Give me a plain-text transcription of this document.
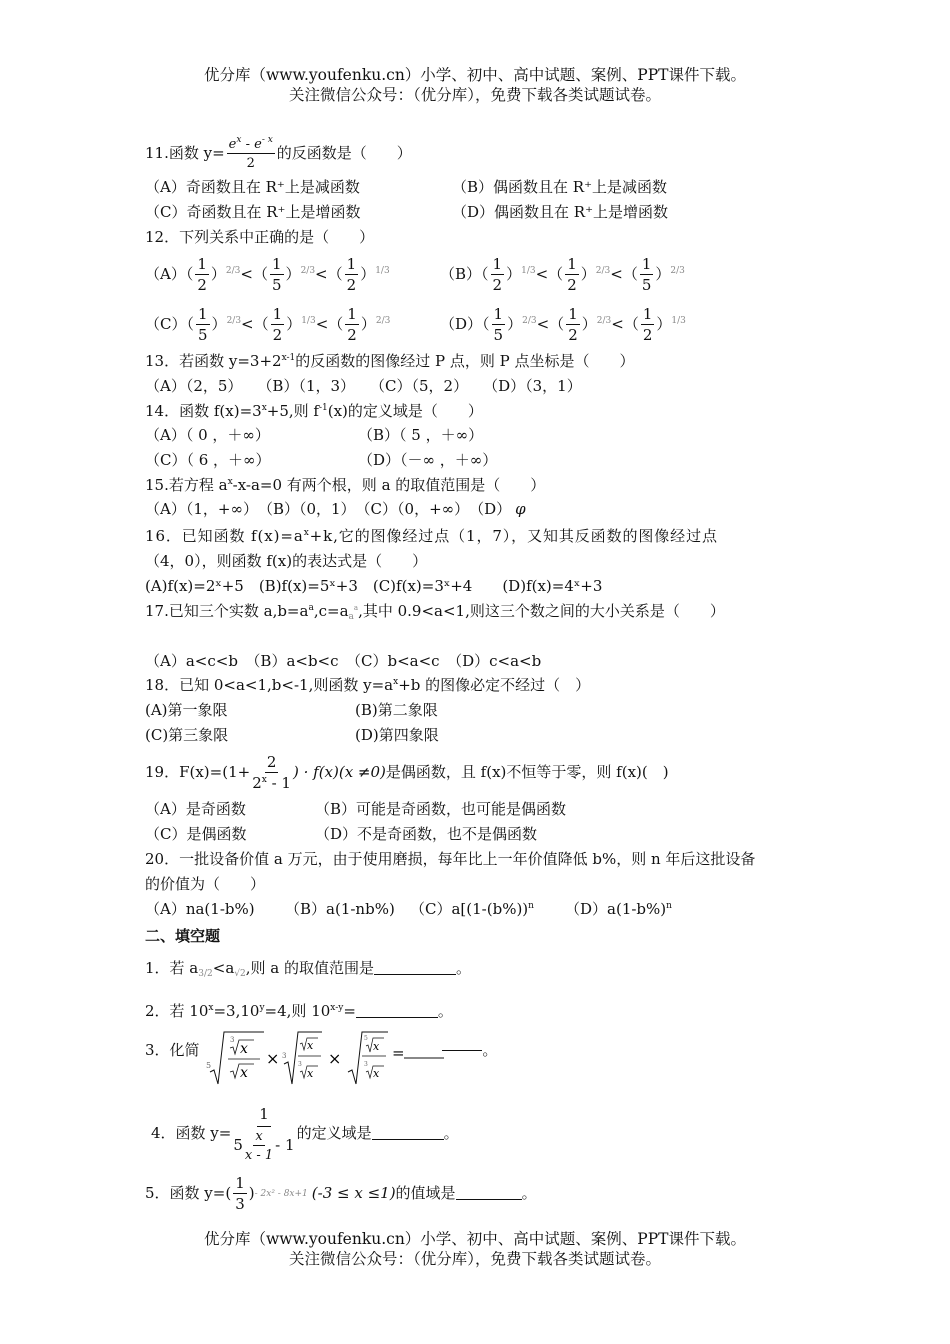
优分库（www.youfenku.cn）小学、初中、高中试题、案例、PPT课件下载。
关注微信公众号：（优分库），免费下载各类试题试卷。
11.函数 $y= \frac{e^x - e^{- x}}{2}$ 的反函数是（　　）
（A）奇函数且在 R⁺上是减函数	（B）偶函数且在 R⁺上是减函数
（C）奇函数且在 R⁺上是增函数	（D）偶函数且在 R⁺上是增函数
12．下列关系中正确的是（　　）
$(A)( \frac{1}{2} )^{2/3}<( \frac{1}{5} )^{2/3}<( \frac{1}{2} )^{1/3}$	$(B)( \frac{1}{2} )^{1/3}<( \frac{1}{2} )^{2/3}<( \frac{1}{5} )^{2/3}$
$(C)( \frac{1}{5} )^{2/3}<( \frac{1}{2} )^{1/3}<( \frac{1}{2} )^{2/3}$	$(D)( \frac{1}{5} )^{2/3}<( \frac{1}{2} )^{2/3}<( \frac{1}{2} )^{1/3}$
13．若函数 $y=3+2^{x-1}$的反函数的图像经过 P 点，则 P 点坐标是（　　）
（A）（2，5）　　（B）（1，3）　　（C）（5，2）　　（D）（3，1）
14．函数 $f(x)=3^x+5$,则 $f^{-1}(x)$的定义域是（　　）
（A）（ 0 ，＋∞）	（B）（ 5 ，＋∞）
（C）（ 6 ，＋∞）	（D）（－∞ ，＋∞）
15.若方程 $a^x-x-a=0$ 有两个根，则 a 的取值范围是（　　）
（A）（1，+∞）　（B）（0，1）　（C）（0，+∞）　（D） φ
16．已知函数 $f(x)=a^x+k$,它的图像经过点（1，7），又知其反函数的图像经过点
（4，0），则函数 f(x)的表达式是（　　）
(A)f(x)=2ˣ+5　(B)f(x)=5ˣ+3　(C)f(x)=3ˣ+4　　(D)f(x)=4ˣ+3
17.已知三个实数 $a,b=a^a,c=a_a^a$,其中 0.9<a<1,则这三个数之间的大小关系是（　　）
（A）a<c<b　（B）a<b<c　（C）b<a<c　（D）c<a<b
18．已知 0<a<1,b<-1,则函数 $y=a^x+b$ 的图像必定不经过（　）
(A)第一象限	(B)第二象限
(C)第三象限	(D)第四象限
19．$F(x)=(1+ \frac{2}{2^x - 1}$ ) · f(x)(x ≠0)是偶函数，且 f(x)不恒等于零，则 f(x)(　)
（A）是奇函数	（B）可能是奇函数，也可能是偶函数
（C）是偶函数	（D）不是奇函数，也不是偶函数
20．一批设备价值 a 万元，由于使用磨损，每年比上一年价值降低 b%，则 n 年后这批设备
的价值为（　　）
（A）na(1-b%) （B）a(1-nb%) $(C)a[(1-(b\%))^n$ $(D)a(1-b\%)^n$
二、填空题
1．若 $a_{3/2}<a_{√2}$,则 a 的取值范围是	。
2．若 $10^x=3,10^y=4$,则 $10^{x-y}=$	。
3．化简
5
3
x
x
× 3
x
3
x
×
5
x
3
x
=	。
4．函数 $y= \frac{1}{5 \frac{x}{x - 1} - 1}$ 的定义域是	。
5．函数 $y=( \frac{1}{3}$ )- 2x² - 8x+1 (-3 ≤ x ≤1)的值域是	。
优分库（www.youfenku.cn）小学、初中、高中试题、案例、PPT课件下载。
关注微信公众号：（优分库），免费下载各类试题试卷。
